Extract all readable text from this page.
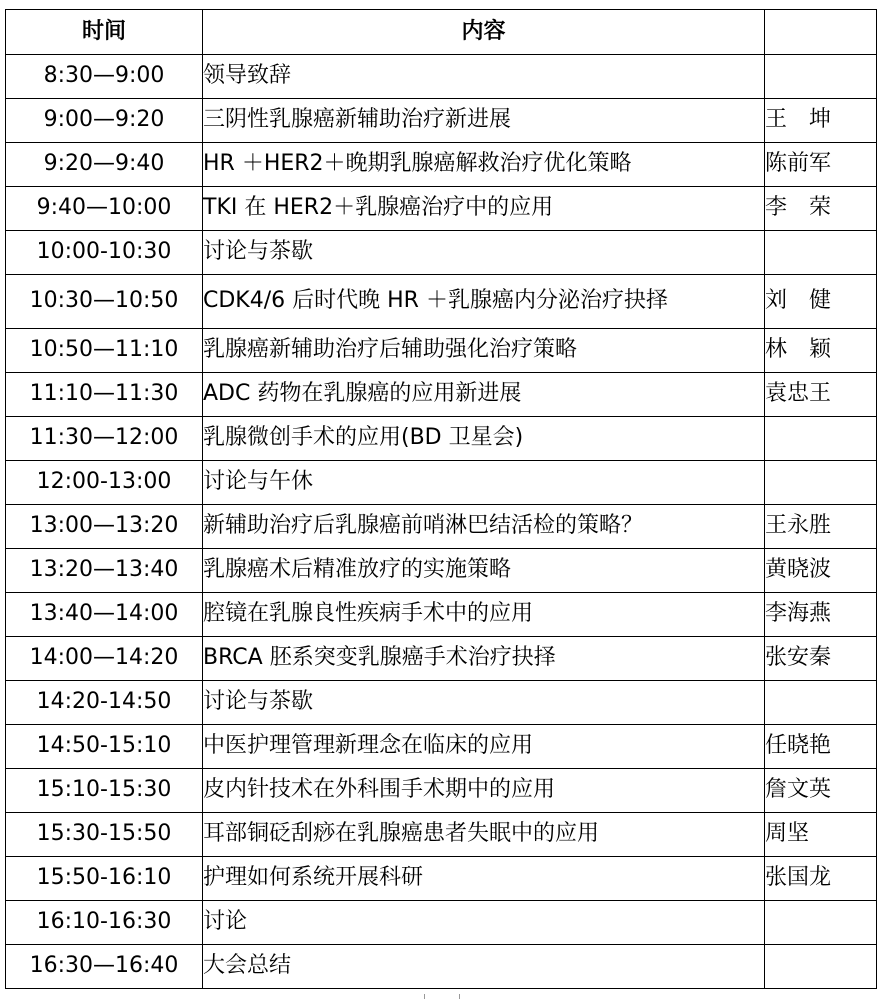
时间	内容	
8:30—9:00	领导致辞	
9:00—9:20	三阴性乳腺癌新辅助治疗新进展	王　坤
9:20—9:40	HR ＋HER2＋晚期乳腺癌解救治疗优化策略	陈前军
9:40—10:00	TKI 在 HER2＋乳腺癌治疗中的应用	李　荣
10:00-10:30	讨论与茶歇	
10:30—10:50	CDK4/6 后时代晚 HR ＋乳腺癌内分泌治疗抉择	刘　健
10:50—11:10	乳腺癌新辅助治疗后辅助强化治疗策略	林　颖
11:10—11:30	ADC 药物在乳腺癌的应用新进展	袁忠王
11:30—12:00	乳腺微创手术的应用(BD 卫星会)	
12:00-13:00	讨论与午休	
13:00—13:20	新辅助治疗后乳腺癌前哨淋巴结活检的策略？	王永胜
13:20—13:40	乳腺癌术后精准放疗的实施策略	黄晓波
13:40—14:00	腔镜在乳腺良性疾病手术中的应用	李海燕
14:00—14:20	BRCA 胚系突变乳腺癌手术治疗抉择	张安秦
14:20-14:50	讨论与茶歇	
14:50-15:10	中医护理管理新理念在临床的应用	任晓艳
15:10-15:30	皮内针技术在外科围手术期中的应用	詹文英
15:30-15:50	耳部铜砭刮痧在乳腺癌患者失眠中的应用	周坚
15:50-16:10	护理如何系统开展科研	张国龙
16:10-16:30	讨论	
16:30—16:40	大会总结	
